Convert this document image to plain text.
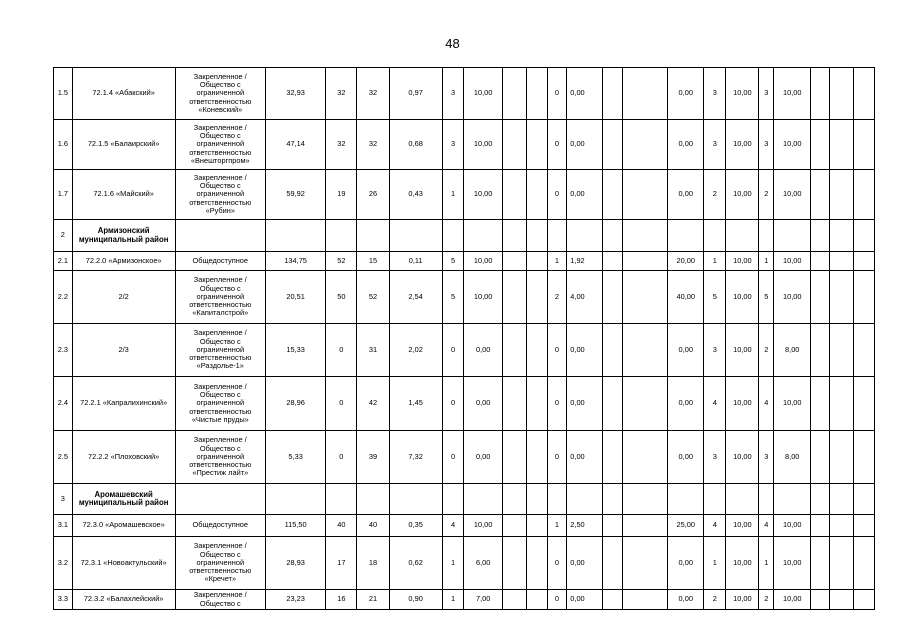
48
1.5	72.1.4 «Абакский»	Закрепленное / Общество с ограниченной ответственностью «Коневский»	32,93	32	32	0,97	3	10,00			0	0,00			0,00	3	10,00	3	10,00			
1.6	72.1.5 «Балаирский»	Закрепленное / Общество с ограниченной ответственностью «Внешторгпром»	47,14	32	32	0,68	3	10,00			0	0,00			0,00	3	10,00	3	10,00			
1.7	72.1.6 «Майский»	Закрепленное / Общество с ограниченной ответственностью «Рубин»	59,92	19	26	0,43	1	10,00			0	0,00			0,00	2	10,00	2	10,00			
2	Армизонский муниципальный район																					
2.1	72.2.0 «Армизонское»	Общедоступное	134,75	52	15	0,11	5	10,00			1	1,92			20,00	1	10,00	1	10,00			
2.2	2/2	Закрепленное / Общество с ограниченной ответственностью «Капиталстрой»	20,51	50	52	2,54	5	10,00			2	4,00			40,00	5	10,00	5	10,00			
2.3	2/3	Закрепленное / Общество с ограниченной ответственностью «Раздолье-1»	15,33	0	31	2,02	0	0,00			0	0,00			0,00	3	10,00	2	8,00			
2.4	72.2.1 «Капралихинский»	Закрепленное / Общество с ограниченной ответственностью «Чистые пруды»	28,96	0	42	1,45	0	0,00			0	0,00			0,00	4	10,00	4	10,00			
2.5	72.2.2 «Плоховский»	Закрепленное / Общество с ограниченной ответственностью «Престиж лайт»	5,33	0	39	7,32	0	0,00			0	0,00			0,00	3	10,00	3	8,00			
3	Аромашевский муниципальный район																					
3.1	72.3.0 «Аромашевское»	Общедоступное	115,50	40	40	0,35	4	10,00			1	2,50			25,00	4	10,00	4	10,00			
3.2	72.3.1 «Новоактульский»	Закрепленное / Общество с ограниченной ответственностью «Кречет»	28,93	17	18	0,62	1	6,00			0	0,00			0,00	1	10,00	1	10,00			
3.3	72.3.2 «Балахлейский»	Закрепленное / Общество с	23,23	16	21	0,90	1	7,00			0	0,00			0,00	2	10,00	2	10,00			
